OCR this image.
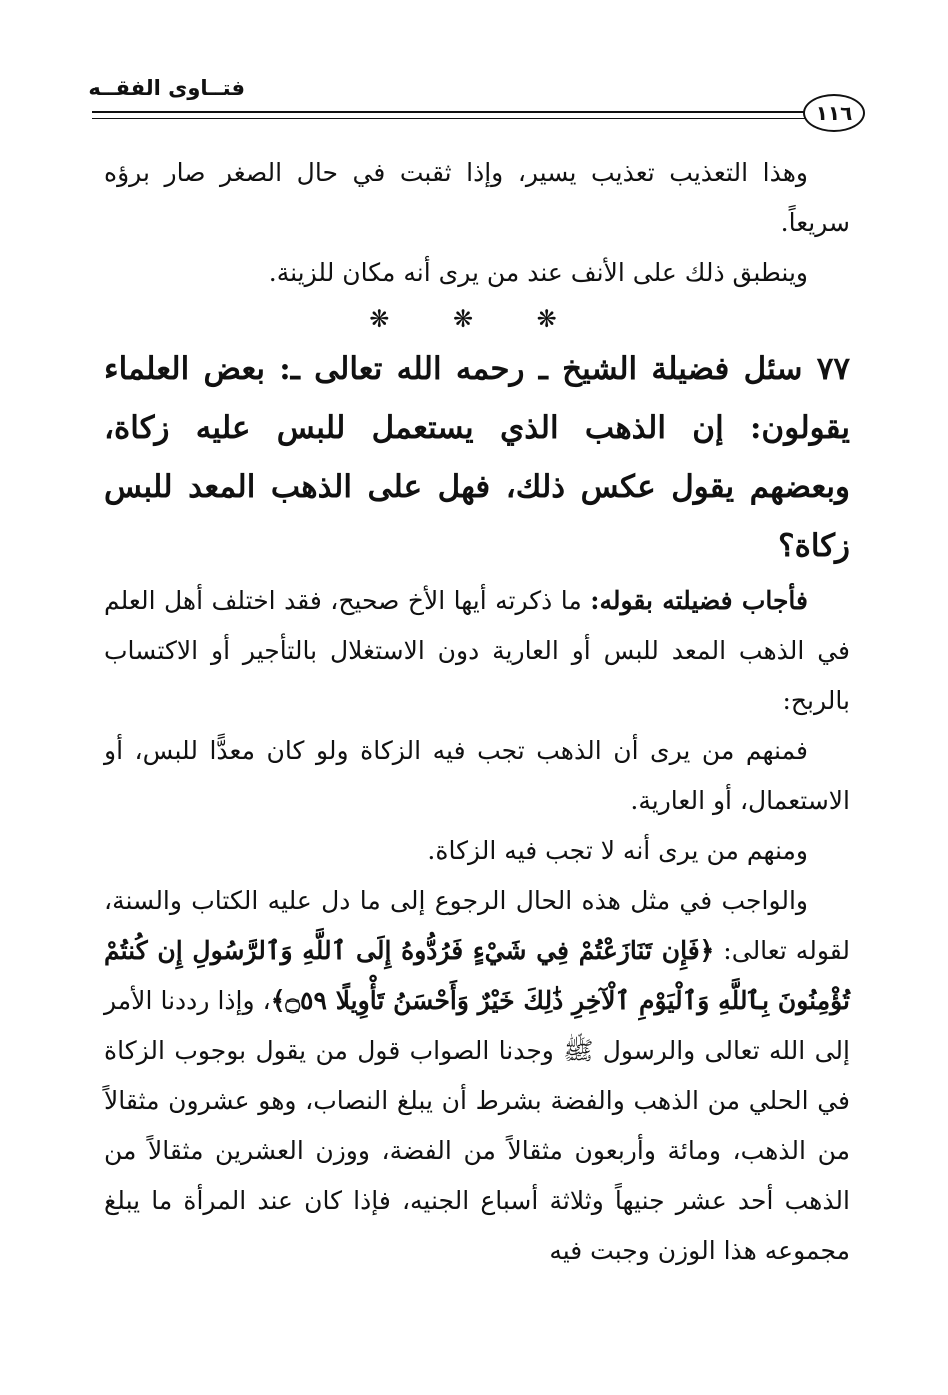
فتــاوى الفقــه
١١٦

وهذا التعذيب تعذيب يسير، وإذا ثقبت في حال الصغر صار برؤه سريعاً.

وينطبق ذلك على الأنف عند من يرى أنه مكان للزينة.

❋ ❋ ❋

٧٧ سئل فضيلة الشيخ ـ رحمه الله تعالى ـ: بعض العلماء يقولون: إن الذهب الذي يستعمل للبس عليه زكاة، وبعضهم يقول عكس ذلك، فهل على الذهب المعد للبس زكاة؟

فأجاب فضيلته بقوله: ما ذكرته أيها الأخ صحيح، فقد اختلف أهل العلم في الذهب المعد للبس أو العارية دون الاستغلال بالتأجير أو الاكتساب بالربح:

فمنهم من يرى أن الذهب تجب فيه الزكاة ولو كان معدًّا للبس، أو الاستعمال، أو العارية.

ومنهم من يرى أنه لا تجب فيه الزكاة.

والواجب في مثل هذه الحال الرجوع إلى ما دل عليه الكتاب والسنة، لقوله تعالى: ﴿فَإِن تَنَازَعْتُمْ فِي شَيْءٍ فَرُدُّوهُ إِلَى ٱللَّهِ وَٱلرَّسُولِ إِن كُنتُمْ تُؤْمِنُونَ بِٱللَّهِ وَٱلْيَوْمِ ٱلْآخِرِ ذَٰلِكَ خَيْرٌ وَأَحْسَنُ تَأْوِيلًا ۝٥٩﴾، وإذا رددنا الأمر إلى الله تعالى والرسول ﷺ وجدنا الصواب قول من يقول بوجوب الزكاة في الحلي من الذهب والفضة بشرط أن يبلغ النصاب، وهو عشرون مثقالاً من الذهب، ومائة وأربعون مثقالاً من الفضة، ووزن العشرين مثقالاً من الذهب أحد عشر جنيهاً وثلاثة أسباع الجنيه، فإذا كان عند المرأة ما يبلغ مجموعه هذا الوزن وجبت فيه
